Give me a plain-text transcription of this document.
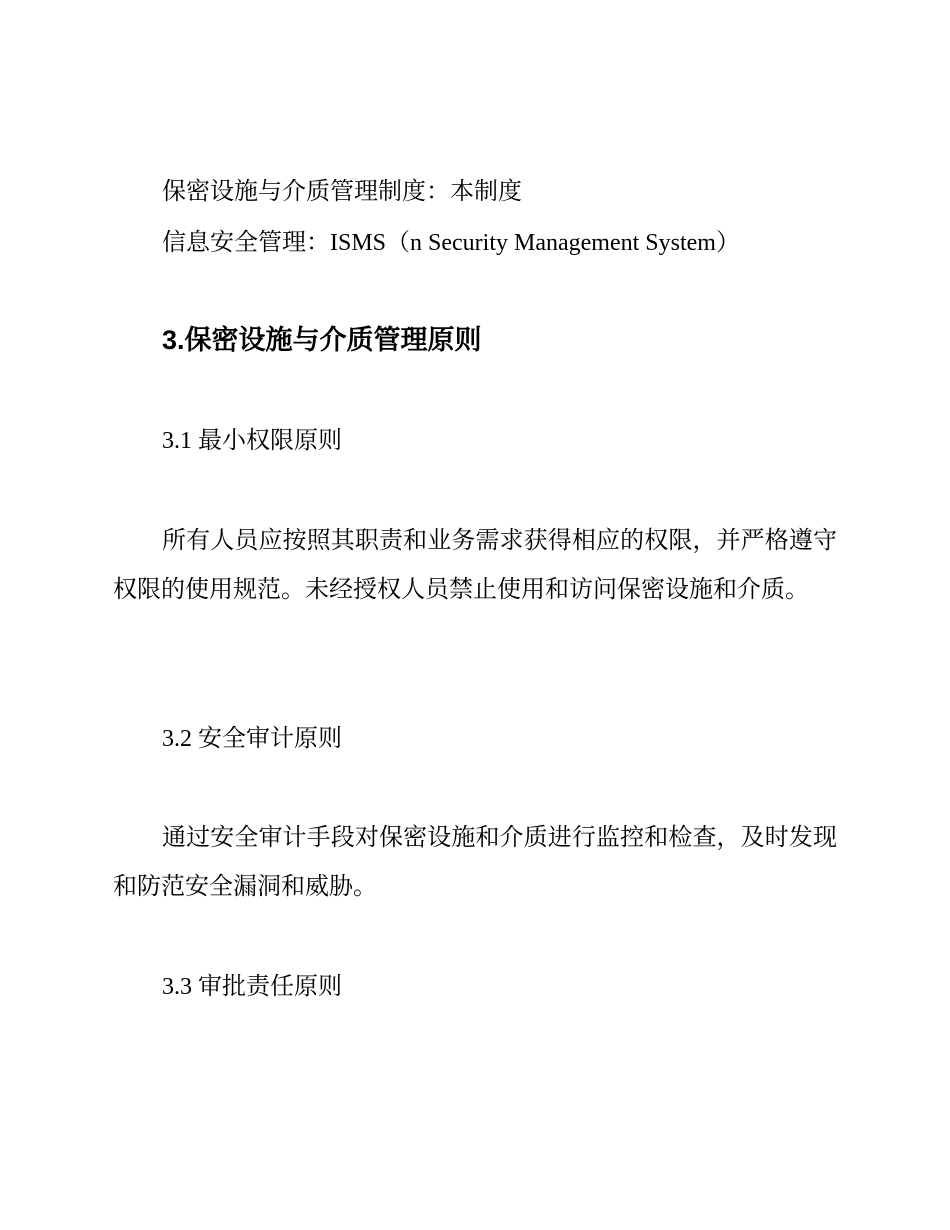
保密设施与介质管理制度：本制度
信息安全管理：ISMS（n Security Management System）
3.保密设施与介质管理原则
3.1 最小权限原则
所有人员应按照其职责和业务需求获得相应的权限，并严格遵守权限的使用规范。未经授权人员禁止使用和访问保密设施和介质。
3.2 安全审计原则
通过安全审计手段对保密设施和介质进行监控和检查，及时发现和防范安全漏洞和威胁。
3.3 审批责任原则
